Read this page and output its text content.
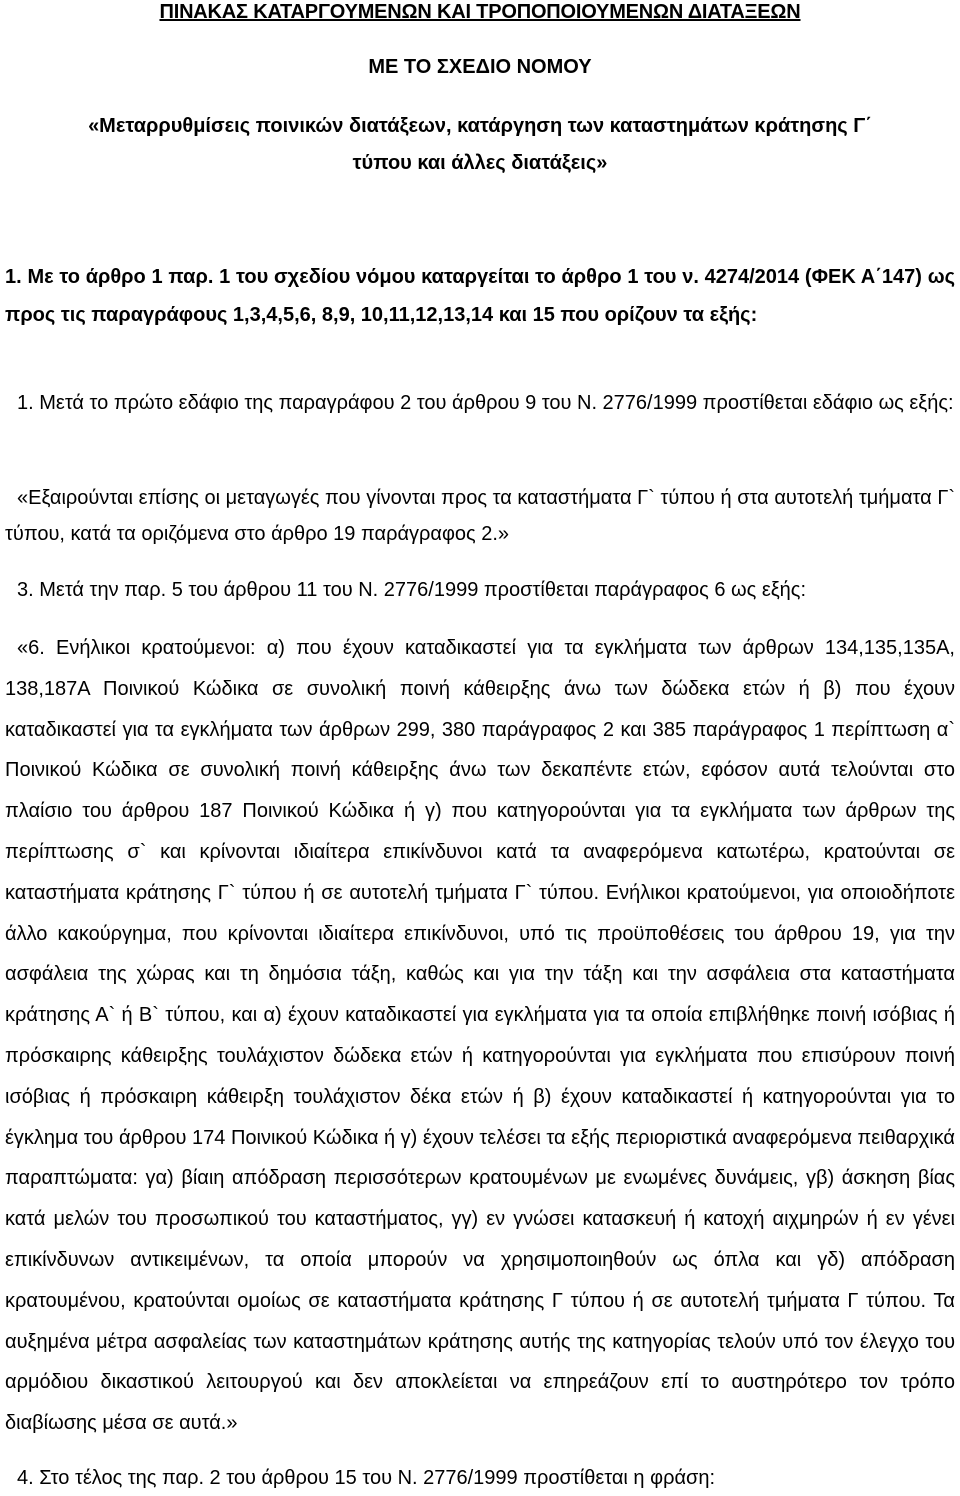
ΠΙΝΑΚΑΣ ΚΑΤΑΡΓΟΥΜΕΝΩΝ ΚΑΙ ΤΡΟΠΟΠΟΙΟΥΜΕΝΩΝ ΔΙΑΤΑΞΕΩΝ
ΜΕ ΤΟ ΣΧΕΔΙΟ ΝΟΜΟΥ
«Μεταρρυθμίσεις ποινικών διατάξεων, κατάργηση των καταστημάτων κράτησης Γ΄
τύπου και άλλες διατάξεις»
1. Με το άρθρο 1 παρ. 1 του σχεδίου νόμου καταργείται το άρθρο 1 του ν. 4274/2014 (ΦΕΚ Α΄147) ως προς τις παραγράφους 1,3,4,5,6, 8,9, 10,11,12,13,14 και 15 που ορίζουν τα εξής:
1. Μετά το πρώτο εδάφιο της παραγράφου 2 του άρθρου 9 του Ν. 2776/1999 προστίθεται εδάφιο ως εξής:
«Εξαιρούνται επίσης οι μεταγωγές που γίνονται προς τα καταστήματα Γ` τύπου ή στα αυτοτελή τμήματα Γ` τύπου, κατά τα οριζόμενα στο άρθρο 19 παράγραφος 2.»
3. Μετά την παρ. 5 του άρθρου 11 του Ν. 2776/1999 προστίθεται παράγραφος 6 ως εξής:
«6. Ενήλικοι κρατούμενοι: α) που έχουν καταδικαστεί για τα εγκλήματα των άρθρων 134,135,135Α, 138,187Α Ποινικού Κώδικα σε συνολική ποινή κάθειρξης άνω των δώδεκα ετών ή β) που έχουν καταδικαστεί για τα εγκλήματα των άρθρων 299, 380 παράγραφος 2 και 385 παράγραφος 1 περίπτωση α` Ποινικού Κώδικα σε συνολική ποινή κάθειρξης άνω των δεκαπέντε ετών, εφόσον αυτά τελούνται στο πλαίσιο του άρθρου 187 Ποινικού Κώδικα ή γ) που κατηγορούνται για τα εγκλήματα των άρθρων της περίπτωσης σ` και κρίνονται ιδιαίτερα επικίνδυνοι κατά τα αναφερόμενα κατωτέρω, κρατούνται σε καταστήματα κράτησης Γ` τύπου ή σε αυτοτελή τμήματα Γ` τύπου. Ενήλικοι κρατούμενοι, για οποιοδήποτε άλλο κακούργημα, που κρίνονται ιδιαίτερα επικίνδυνοι, υπό τις προϋποθέσεις του άρθρου 19, για την ασφάλεια της χώρας και τη δημόσια τάξη, καθώς και για την τάξη και την ασφάλεια στα καταστήματα κράτησης Α` ή Β` τύπου, και α) έχουν καταδικαστεί για εγκλήματα για τα οποία επιβλήθηκε ποινή ισόβιας ή πρόσκαιρης κάθειρξης τουλάχιστον δώδεκα ετών ή κατηγορούνται για εγκλήματα που επισύρουν ποινή ισόβιας ή πρόσκαιρη κάθειρξη τουλάχιστον δέκα ετών ή β) έχουν καταδικαστεί ή κατηγορούνται για το έγκλημα του άρθρου 174 Ποινικού Κώδικα ή γ) έχουν τελέσει τα εξής περιοριστικά αναφερόμενα πειθαρχικά παραπτώματα: γα) βίαιη απόδραση περισσότερων κρατουμένων με ενωμένες δυνάμεις, γβ) άσκηση βίας κατά μελών του προσωπικού του καταστήματος, γγ) εν γνώσει κατασκευή ή κατοχή αιχμηρών ή εν γένει επικίνδυνων αντικειμένων, τα οποία μπορούν να χρησιμοποιηθούν ως όπλα και γδ) απόδραση κρατουμένου, κρατούνται ομοίως σε καταστήματα κράτησης Γ τύπου ή σε αυτοτελή τμήματα Γ τύπου. Τα αυξημένα μέτρα ασφαλείας των καταστημάτων κράτησης αυτής της κατηγορίας τελούν υπό τον έλεγχο του αρμόδιου δικαστικού λειτουργού και δεν αποκλείεται να επηρεάζουν επί το αυστηρότερο τον τρόπο διαβίωσης μέσα σε αυτά.»
4. Στο τέλος της παρ. 2 του άρθρου 15 του Ν. 2776/1999 προστίθεται η φράση:
